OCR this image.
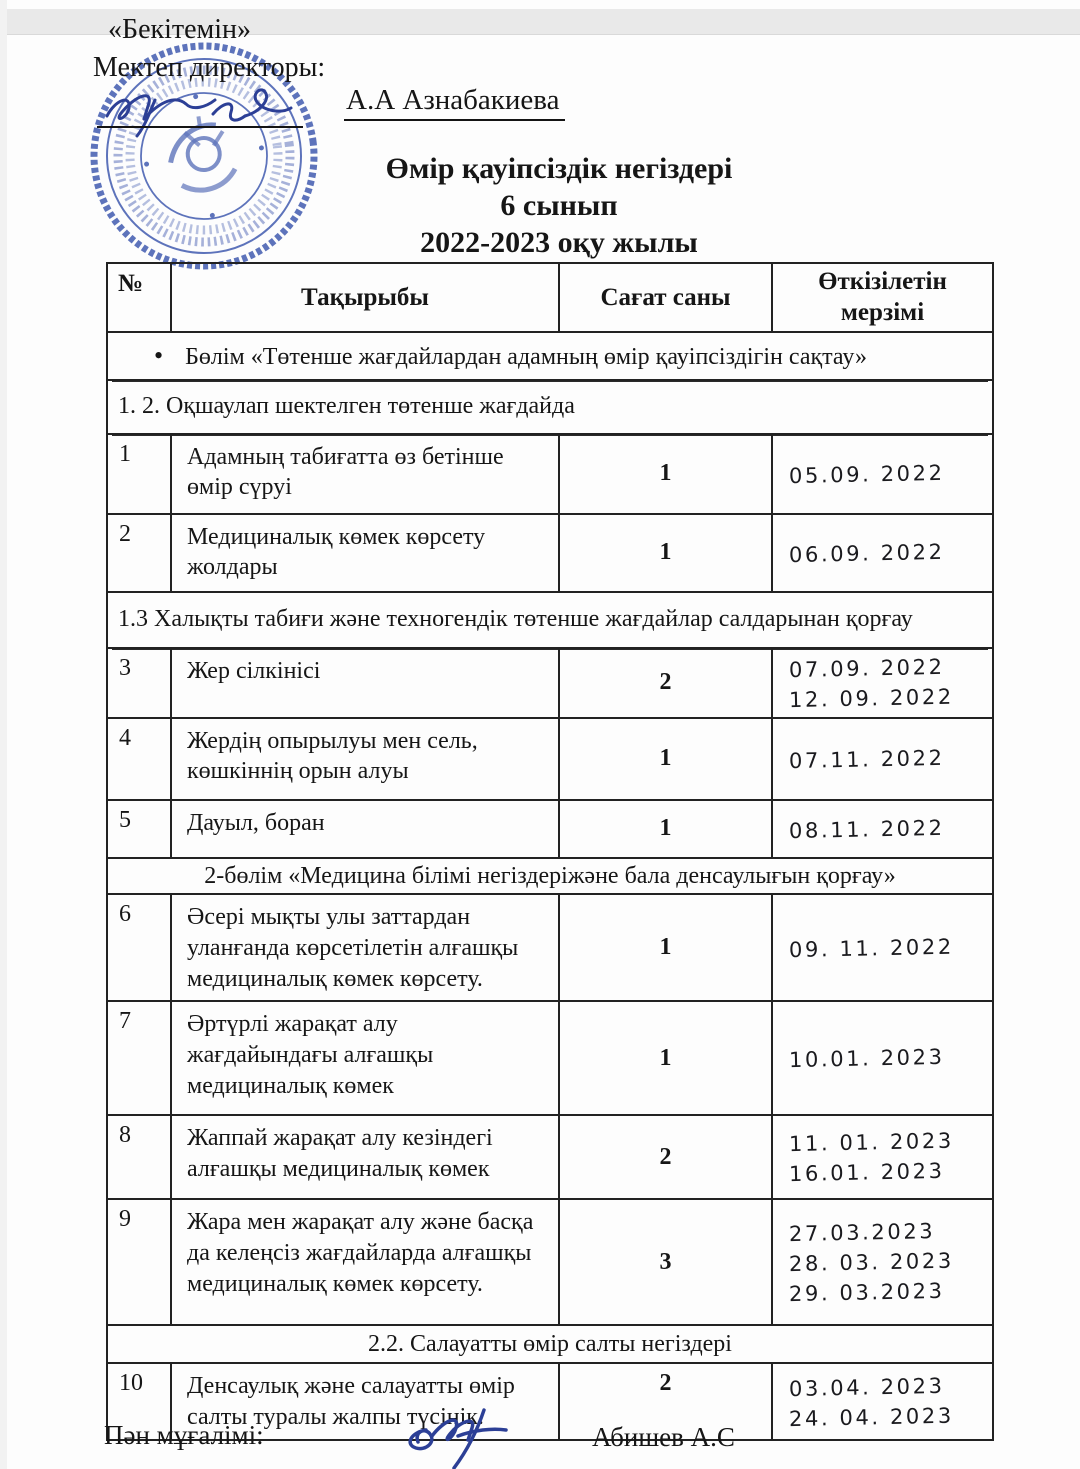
«Бекітемін»
Мектеп директоры:
А.А Азнабакиева
Өмір қауіпсіздік негіздері
6 сынып
2022-2023 оқу жылы
№	Тақырыбы	Сағат саны	Өткізілетін мерзімі
• Бөлім «Төтенше жағдайлардан адамның өмір қауіпсіздігін сақтау»			
1. 2. Оқшаулап шектелген төтенше жағдайда			
1	Адамның табиғатта өз бетінше өмір сүруі	1	05.09. 2022

2	Медициналық көмек көрсету жолдары	1	06.09. 2022

1.3 Халықты табиғи және техногендік төтенше жағдайлар салдарынан қорғау			
3	Жер сілкінісі	2	07.09. 2022
12. 09. 2022

4	Жердің опырылуы мен сель, көшкіннің орын алуы	1	07.11. 2022

5	Дауыл, боран	1	08.11. 2022

2-бөлім «Медицина білімі негіздеріжәне бала денсаулығын қорғау»			
6	Әсері мықты улы заттардан уланғанда көрсетілетін алғашқы медициналық көмек көрсету.	1	09. 11. 2022

7	Әртүрлі жарақат алу жағдайындағы алғашқы медициналық көмек	1	10.01. 2023

8	Жаппай жарақат алу кезіндегі алғашқы медициналық көмек	2	11. 01. 2023
16.01. 2023

9	Жара мен жарақат алу және басқа да келеңсіз жағдайларда алғашқы медициналық көмек көрсету.	3	27.03.2023
28. 03. 2023
29. 03.2023

2.2. Салауатты өмір салты негіздері			
10	Денсаулық және салауатты өмір салты туралы жалпы түсінік.	2	03.04. 2023
24. 04. 2023
Пән мұғалімі:	Абишев А.С
